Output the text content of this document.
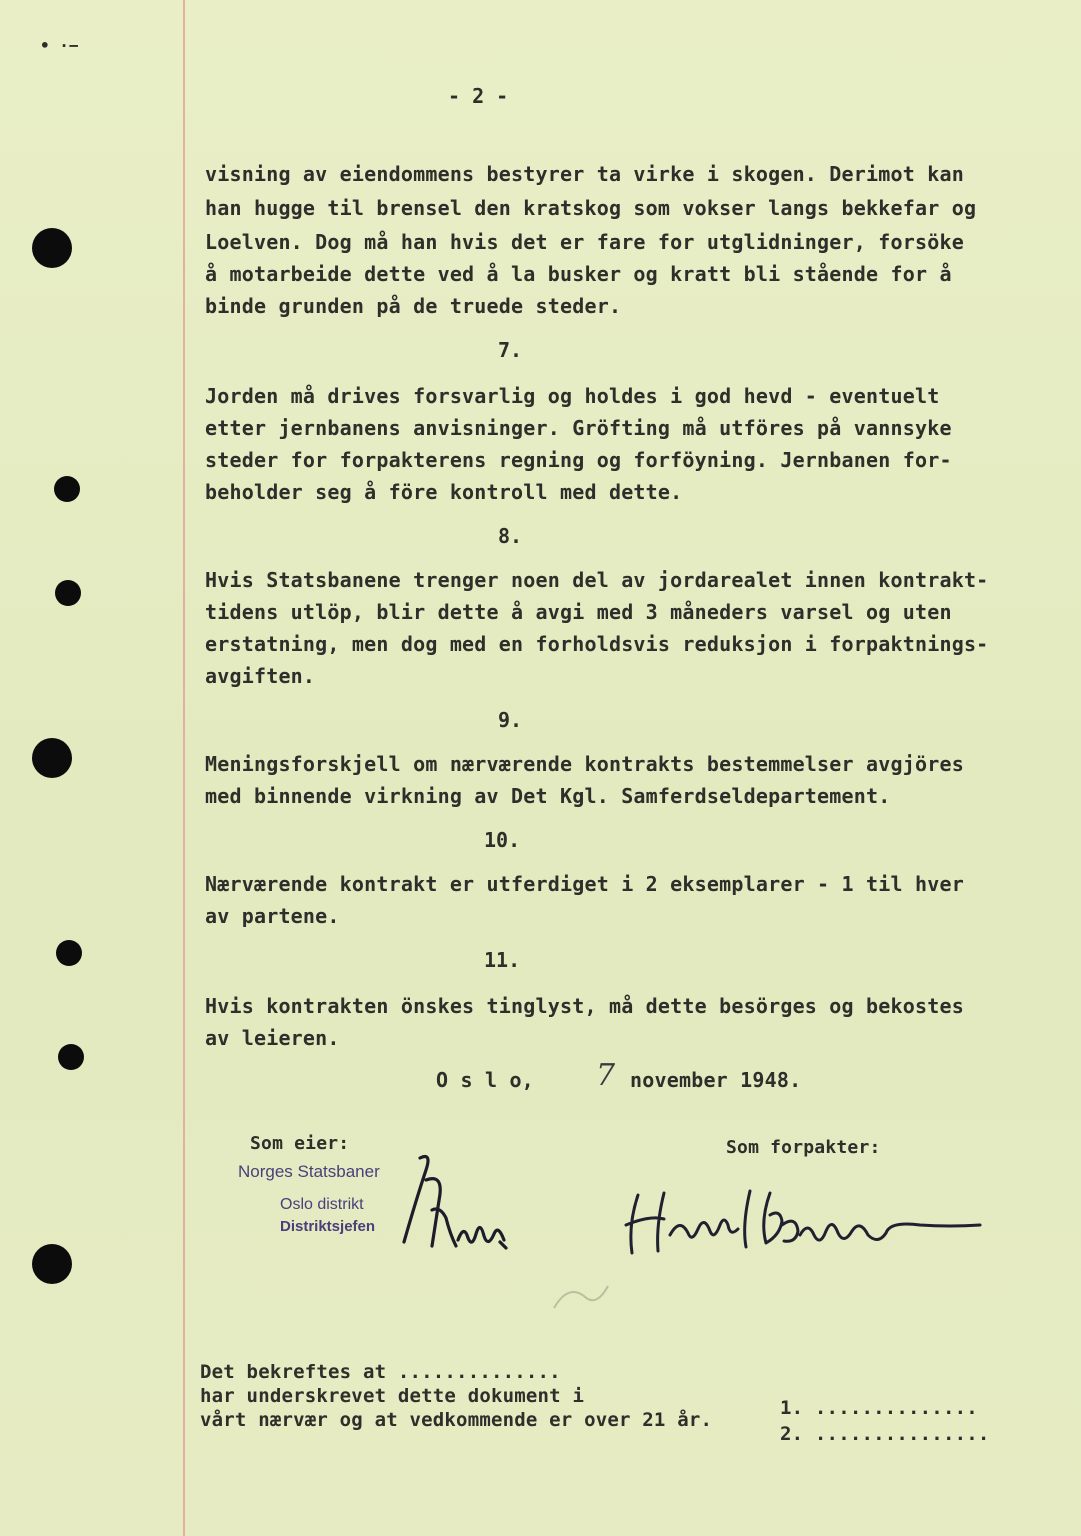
• ·−
- 2 -
visning av eiendommens bestyrer ta virke i skogen. Derimot kan
han hugge til brensel den kratskog som vokser langs bekkefar og
Loelven. Dog må han hvis det er fare for utglidninger, forsöke
å motarbeide dette ved å la busker og kratt bli stående for å
binde grunden på de truede steder.
7.
Jorden må drives forsvarlig og holdes i god hevd - eventuelt
etter jernbanens anvisninger. Gröfting må utföres på vannsyke
steder for forpakterens regning og forföyning. Jernbanen for-
beholder seg å före kontroll med dette.
8.
Hvis Statsbanene trenger noen del av jordarealet innen kontrakt-
tidens utlöp, blir dette å avgi med 3 måneders varsel og uten
erstatning, men dog med en forholdsvis reduksjon i forpaktnings-
avgiften.
9.
Meningsforskjell om nærværende kontrakts bestemmelser avgjöres
med binnende virkning av Det Kgl. Samferdseldepartement.
10.
Nærværende kontrakt er utferdiget i 2 eksemplarer - 1 til hver
av partene.
11.
Hvis kontrakten önskes tinglyst, må dette besörges og bekostes
av leieren.
O s l o, 7 november 1948.
Som eier:
Norges Statsbaner
Oslo distrikt
Distriktsjefen
Som forpakter:
Det bekreftes at ..............
har underskrevet dette dokument i
vårt nærvær og at vedkommende er over 21 år.
1. ..............
2. ...............
